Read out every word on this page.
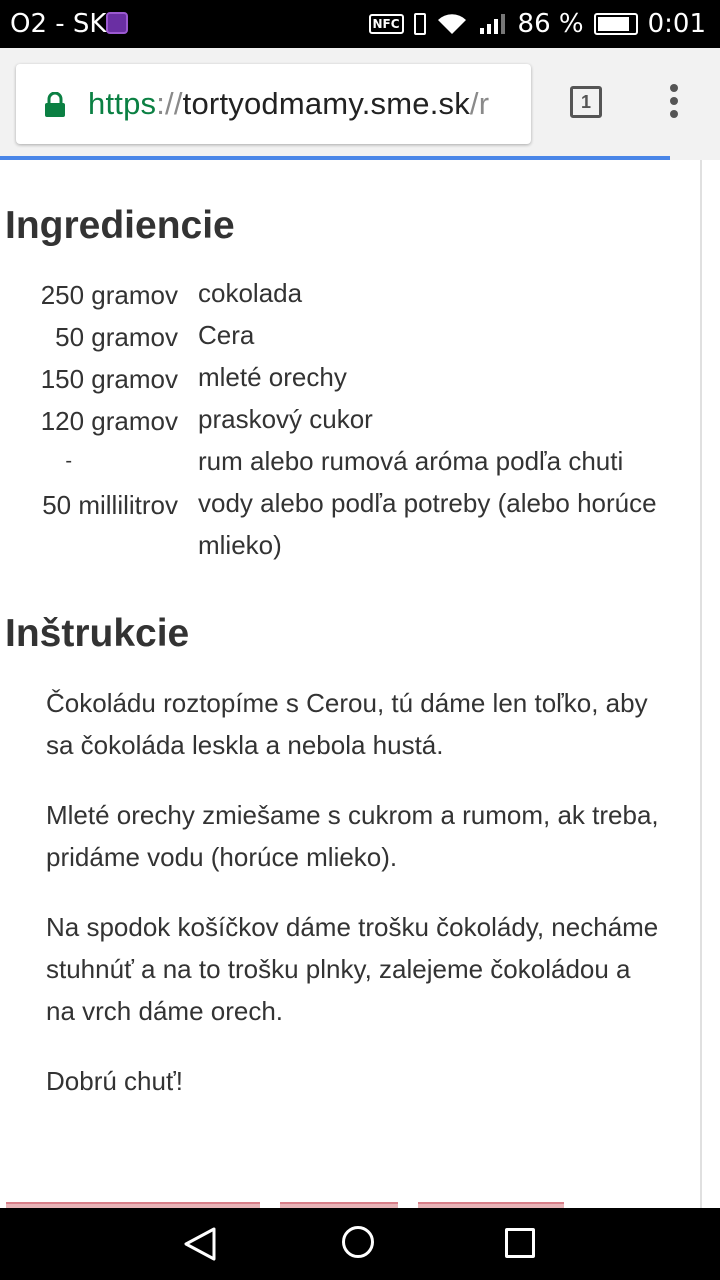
O2 - SK	NFC	86 % 0:01
https://tortyodmamy.sme.sk/r	1
Ingrediencie
250 gramov cokolada
50 gramov Cera
150 gramov mleté orechy
120 gramov praskový cukor
-	rum alebo rumová aróma podľa chuti
50 millilitrov vody alebo podľa potreby (alebo horúce mlieko)
Inštrukcie

Čokoládu roztopíme s Cerou, tú dáme len toľko, aby sa čokoláda leskla a nebola hustá.

Mleté orechy zmiešame s cukrom a rumom, ak treba, pridáme vodu (horúce mlieko).

Na spodok košíčkov dáme trošku čokolády, necháme stuhnúť a na to trošku plnky, zalejeme čokoládou a na vrch dáme orech.

Dobrú chuť!
